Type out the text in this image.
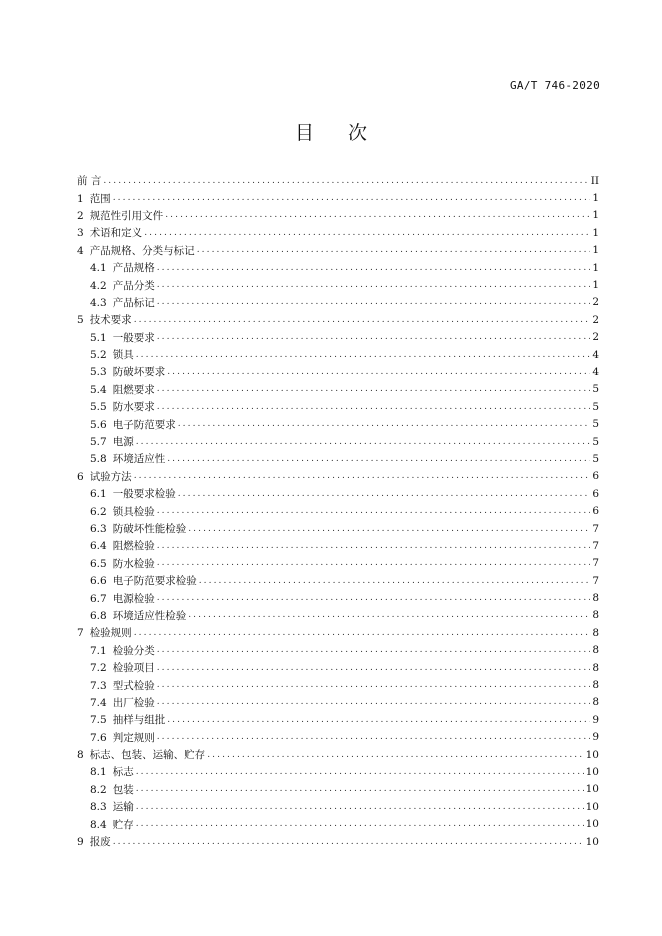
GA/T 746-2020
目 次
前 言 .....	II
1 范围 .....	1
2 规范性引用文件 .....	1
3 术语和定义 .....	1
4 产品规格、分类与标记 .....	1
4.1 产品规格 .....	1
4.2 产品分类 .....	1
4.3 产品标记 .....	2
5 技术要求 .....	2
5.1 一般要求 .....	2
5.2 锁具 .....	4
5.3 防破坏要求 .....	4
5.4 阻燃要求 .....	5
5.5 防水要求 .....	5
5.6 电子防范要求 .....	5
5.7 电源 .....	5
5.8 环境适应性 .....	5
6 试验方法 .....	6
6.1 一般要求检验 .....	6
6.2 锁具检验 .....	6
6.3 防破坏性能检验 .....	7
6.4 阻燃检验 .....	7
6.5 防水检验 .....	7
6.6 电子防范要求检验 .....	7
6.7 电源检验 .....	8
6.8 环境适应性检验 .....	8
7 检验规则 .....	8
7.1 检验分类 .....	8
7.2 检验项目 .....	8
7.3 型式检验 .....	8
7.4 出厂检验 .....	8
7.5 抽样与组批 .....	9
7.6 判定规则 .....	9
8 标志、包装、运输、贮存 .....	10
8.1 标志 .....	10
8.2 包装 .....	10
8.3 运输 .....	10
8.4 贮存 .....	10
9 报废 .....	10
